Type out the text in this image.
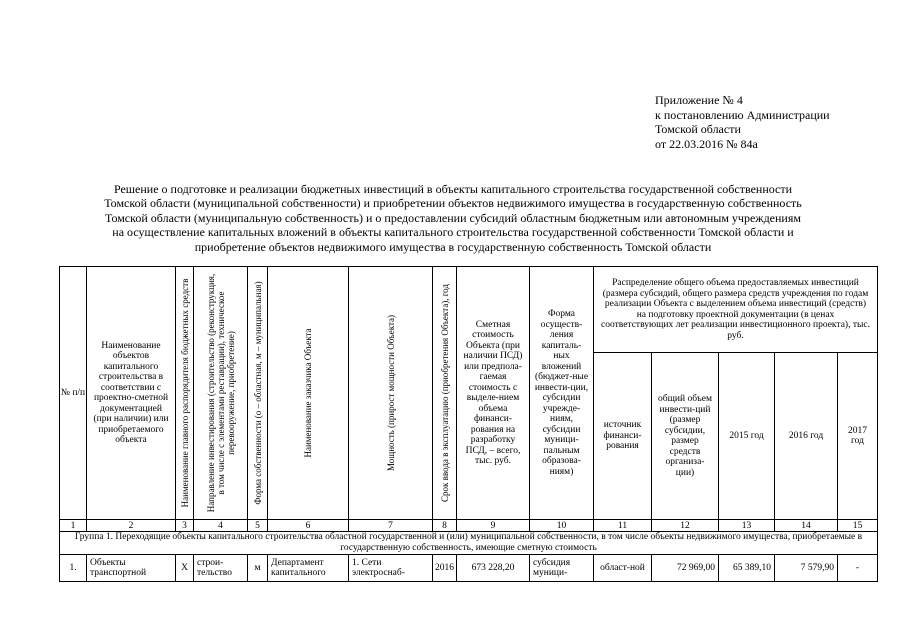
Приложение № 4
к постановлению Администрации
Томской области
от 22.03.2016 № 84а
Решение о подготовке и реализации бюджетных инвестиций в объекты капитального строительства государственной собственности
Томской области (муниципальной собственности) и приобретении объектов недвижимого имущества в государственную собственность
Томской области (муниципальную собственность) и о предоставлении субсидий областным бюджетным или автономным учреждениям
на осуществление капитальных вложений в объекты капитального строительства государственной собственности Томской области и
приобретение объектов недвижимого имущества в государственную собственность Томской области
№ п/п	Наименование объектов капитального строительства в соответствии с проектно-сметной документацией (при наличии) или приобретаемого объекта	Наименование главного распорядителя бюджетных средств	Направление инвестирования (строительство (реконструкция, в том числе с элементами реставрации), техническое перевооружение, приобретение)	Форма собственности (о – областная, м – муниципальная)	Наименование заказчика Объекта	Мощность (прирост мощности Объекта)	Срок ввода в эксплуатацию (приобретения Объекта), год	Сметная стоимость Объекта (при наличии ПСД) или предпола-гаемая стоимость с выделе-нием объема финанси-рования на разработку ПСД, – всего, тыс. руб.	Форма осуществ-ления капиталь-ных вложений (бюджет-ные инвести-ции, субсидии учрежде-ниям, субсидии муници-пальным образова-ниям)	Распределение общего объема предоставляемых инвестиций (размера субсидий, общего размера средств учреждения по годам реализации Объекта с выделением объема инвестиций (средств) на подготовку проектной документации (в ценах соответствующих лет реализации инвестиционного проекта), тыс. руб.				
										источник финанси-рования	общий объем инвести-ций (размер субсидии, размер средств организа-ции)	2015 год	2016 год	2017 год
1	2	3	4	5	6	7	8	9	10	11	12	13	14	15
Группа 1. Переходящие объекты капитального строительства областной государственной и (или) муниципальной собственности, в том числе объекты недвижимого имущества, приобретаемые в государственную собственность, имеющие сметную стоимость														
1.	Объекты транспортной	Х	строи-тельство	м	Департамент капитального	1. Сети электроснаб-	2016	673 228,20	субсидия муници-	област-ной	72 969,00	65 389,10	7 579,90	-
